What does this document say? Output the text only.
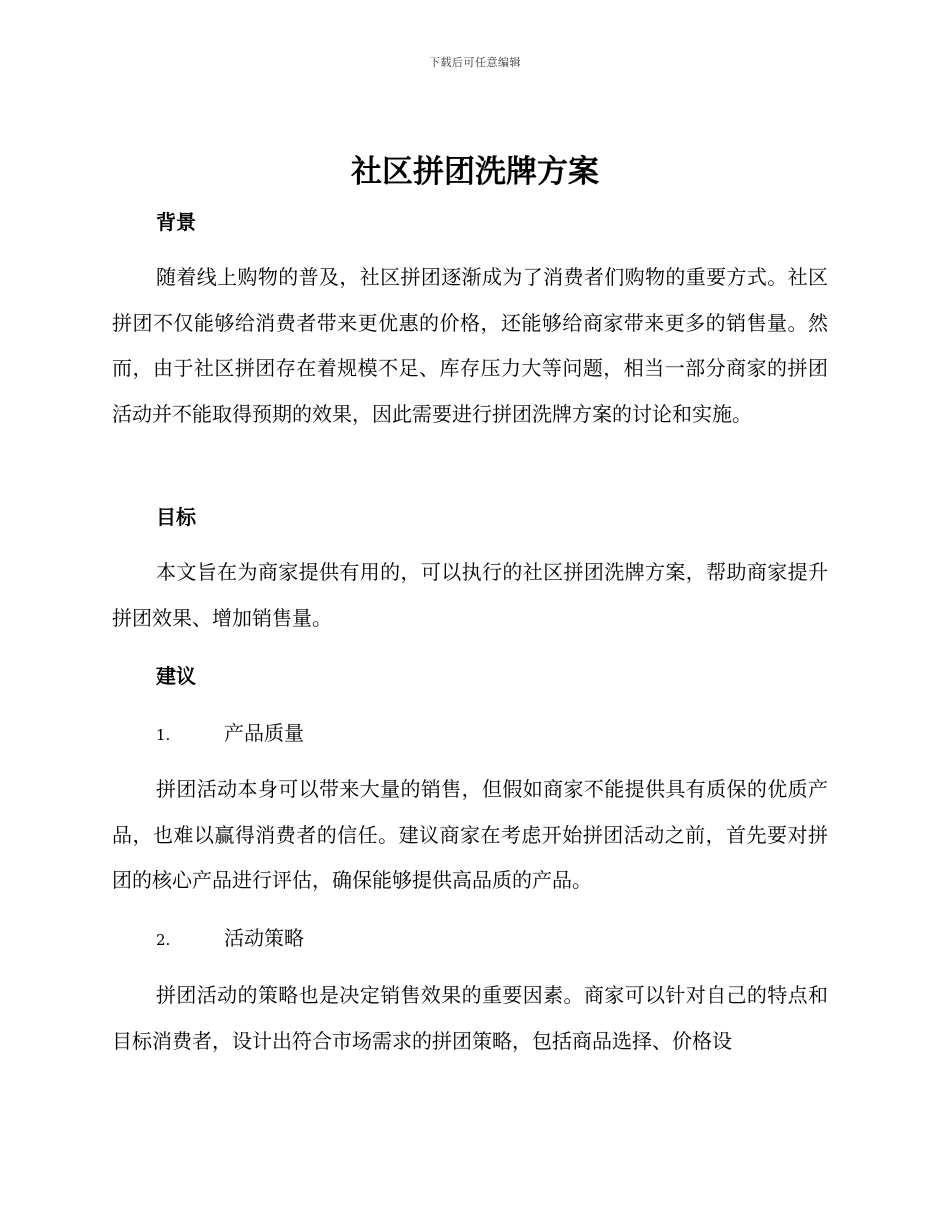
下载后可任意编辑
社区拼团洗牌方案
背景

随着线上购物的普及，社区拼团逐渐成为了消费者们购物的重要方式。社区拼团不仅能够给消费者带来更优惠的价格，还能够给商家带来更多的销售量。然而，由于社区拼团存在着规模不足、库存压力大等问题，相当一部分商家的拼团活动并不能取得预期的效果，因此需要进行拼团洗牌方案的讨论和实施。

目标

本文旨在为商家提供有用的，可以执行的社区拼团洗牌方案，帮助商家提升拼团效果、增加销售量。

建议
1.	产品质量

拼团活动本身可以带来大量的销售，但假如商家不能提供具有质保的优质产品，也难以赢得消费者的信任。建议商家在考虑开始拼团活动之前，首先要对拼团的核心产品进行评估，确保能够提供高品质的产品。

2.	活动策略

拼团活动的策略也是决定销售效果的重要因素。商家可以针对自己的特点和目标消费者，设计出符合市场需求的拼团策略，包括商品选择、价格设
